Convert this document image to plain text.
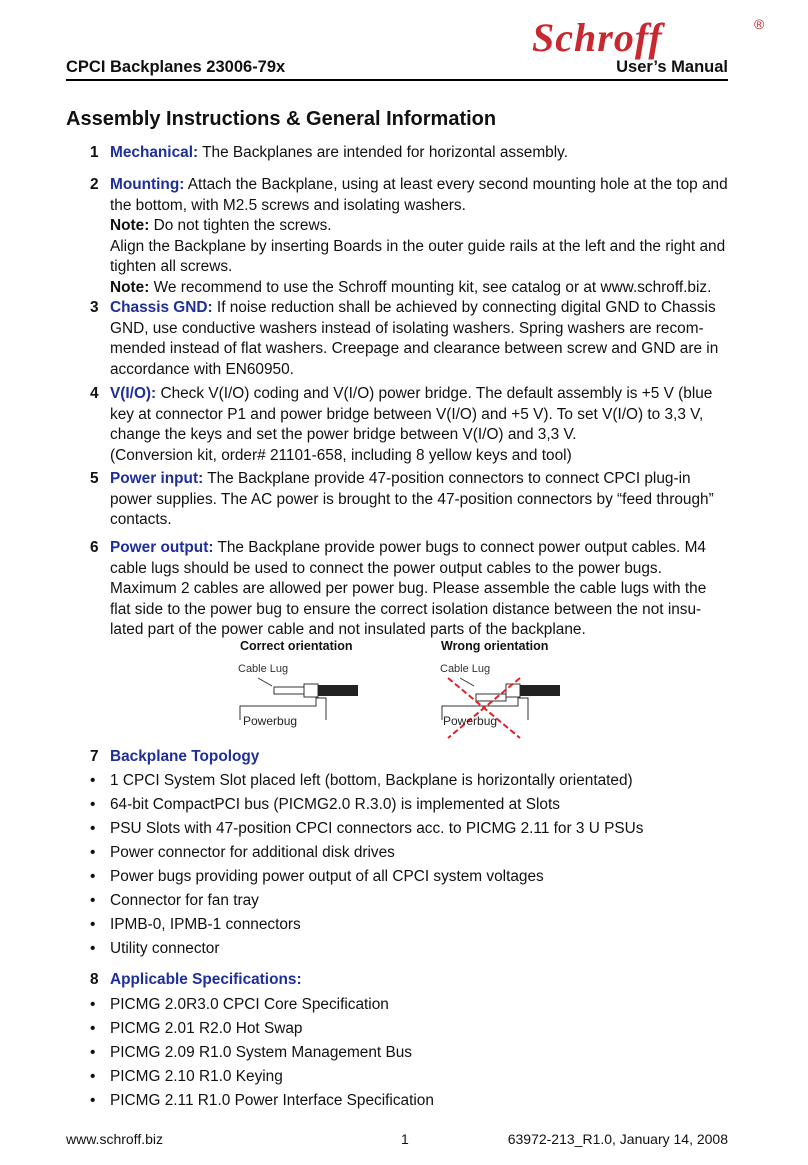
Schroff	®
CPCI Backplanes 23006-79x	User’s Manual
Assembly Instructions & General Information
1 Mechanical: The Backplanes are intended for horizontal assembly.
2 Mounting: Attach the Backplane, using at least every second mounting hole at the top and the bottom, with M2.5 screws and isolating washers.
Note: Do not tighten the screws.
Align the Backplane by inserting Boards in the outer guide rails at the left and the right and tighten all screws.
Note: We recommend to use the Schroff mounting kit, see catalog or at www.schroff.biz.
3 Chassis GND: If noise reduction shall be achieved by connecting digital GND to Chassis GND, use conductive washers instead of isolating washers. Spring washers are recom-mended instead of flat washers. Creepage and clearance between screw and GND are in accordance with EN60950.
4 V(I/O): Check V(I/O) coding and V(I/O) power bridge. The default assembly is +5 V (blue key at connector P1 and power bridge between V(I/O) and +5 V). To set V(I/O) to 3,3 V, change the keys and set the power bridge between V(I/O) and 3,3 V.
(Conversion kit, order# 21101-658, including 8 yellow keys and tool)
5 Power input: The Backplane provide 47-position connectors to connect CPCI plug-in power supplies. The AC power is brought to the 47-position connectors by “feed through” contacts.
6 Power output: The Backplane provide power bugs to connect power output cables. M4 cable lugs should be used to connect the power output cables to the power bugs. Maximum 2 cables are allowed per power bug. Please assemble the cable lugs with the flat side to the power bug to ensure the correct isolation distance between the not insu-lated part of the power cable and not insulated parts of the backplane.
Correct orientation	Wrong orientation
Cable Lug	Cable Lug
Powerbug	Powerbug
7 Backplane Topology
• 1 CPCI System Slot placed left (bottom, Backplane is horizontally orientated)
• 64-bit CompactPCI bus (PICMG2.0 R.3.0) is implemented at Slots
• PSU Slots with 47-position CPCI connectors acc. to PICMG 2.11 for 3 U PSUs
• Power connector for additional disk drives
• Power bugs providing power output of all CPCI system voltages
• Connector for fan tray
• IPMB-0, IPMB-1 connectors
• Utility connector
8 Applicable Specifications:
• PICMG 2.0R3.0 CPCI Core Specification
• PICMG 2.01 R2.0 Hot Swap
• PICMG 2.09 R1.0 System Management Bus
• PICMG 2.10 R1.0 Keying
• PICMG 2.11 R1.0 Power Interface Specification
www.schroff.biz	1	63972-213_R1.0, January 14, 2008
